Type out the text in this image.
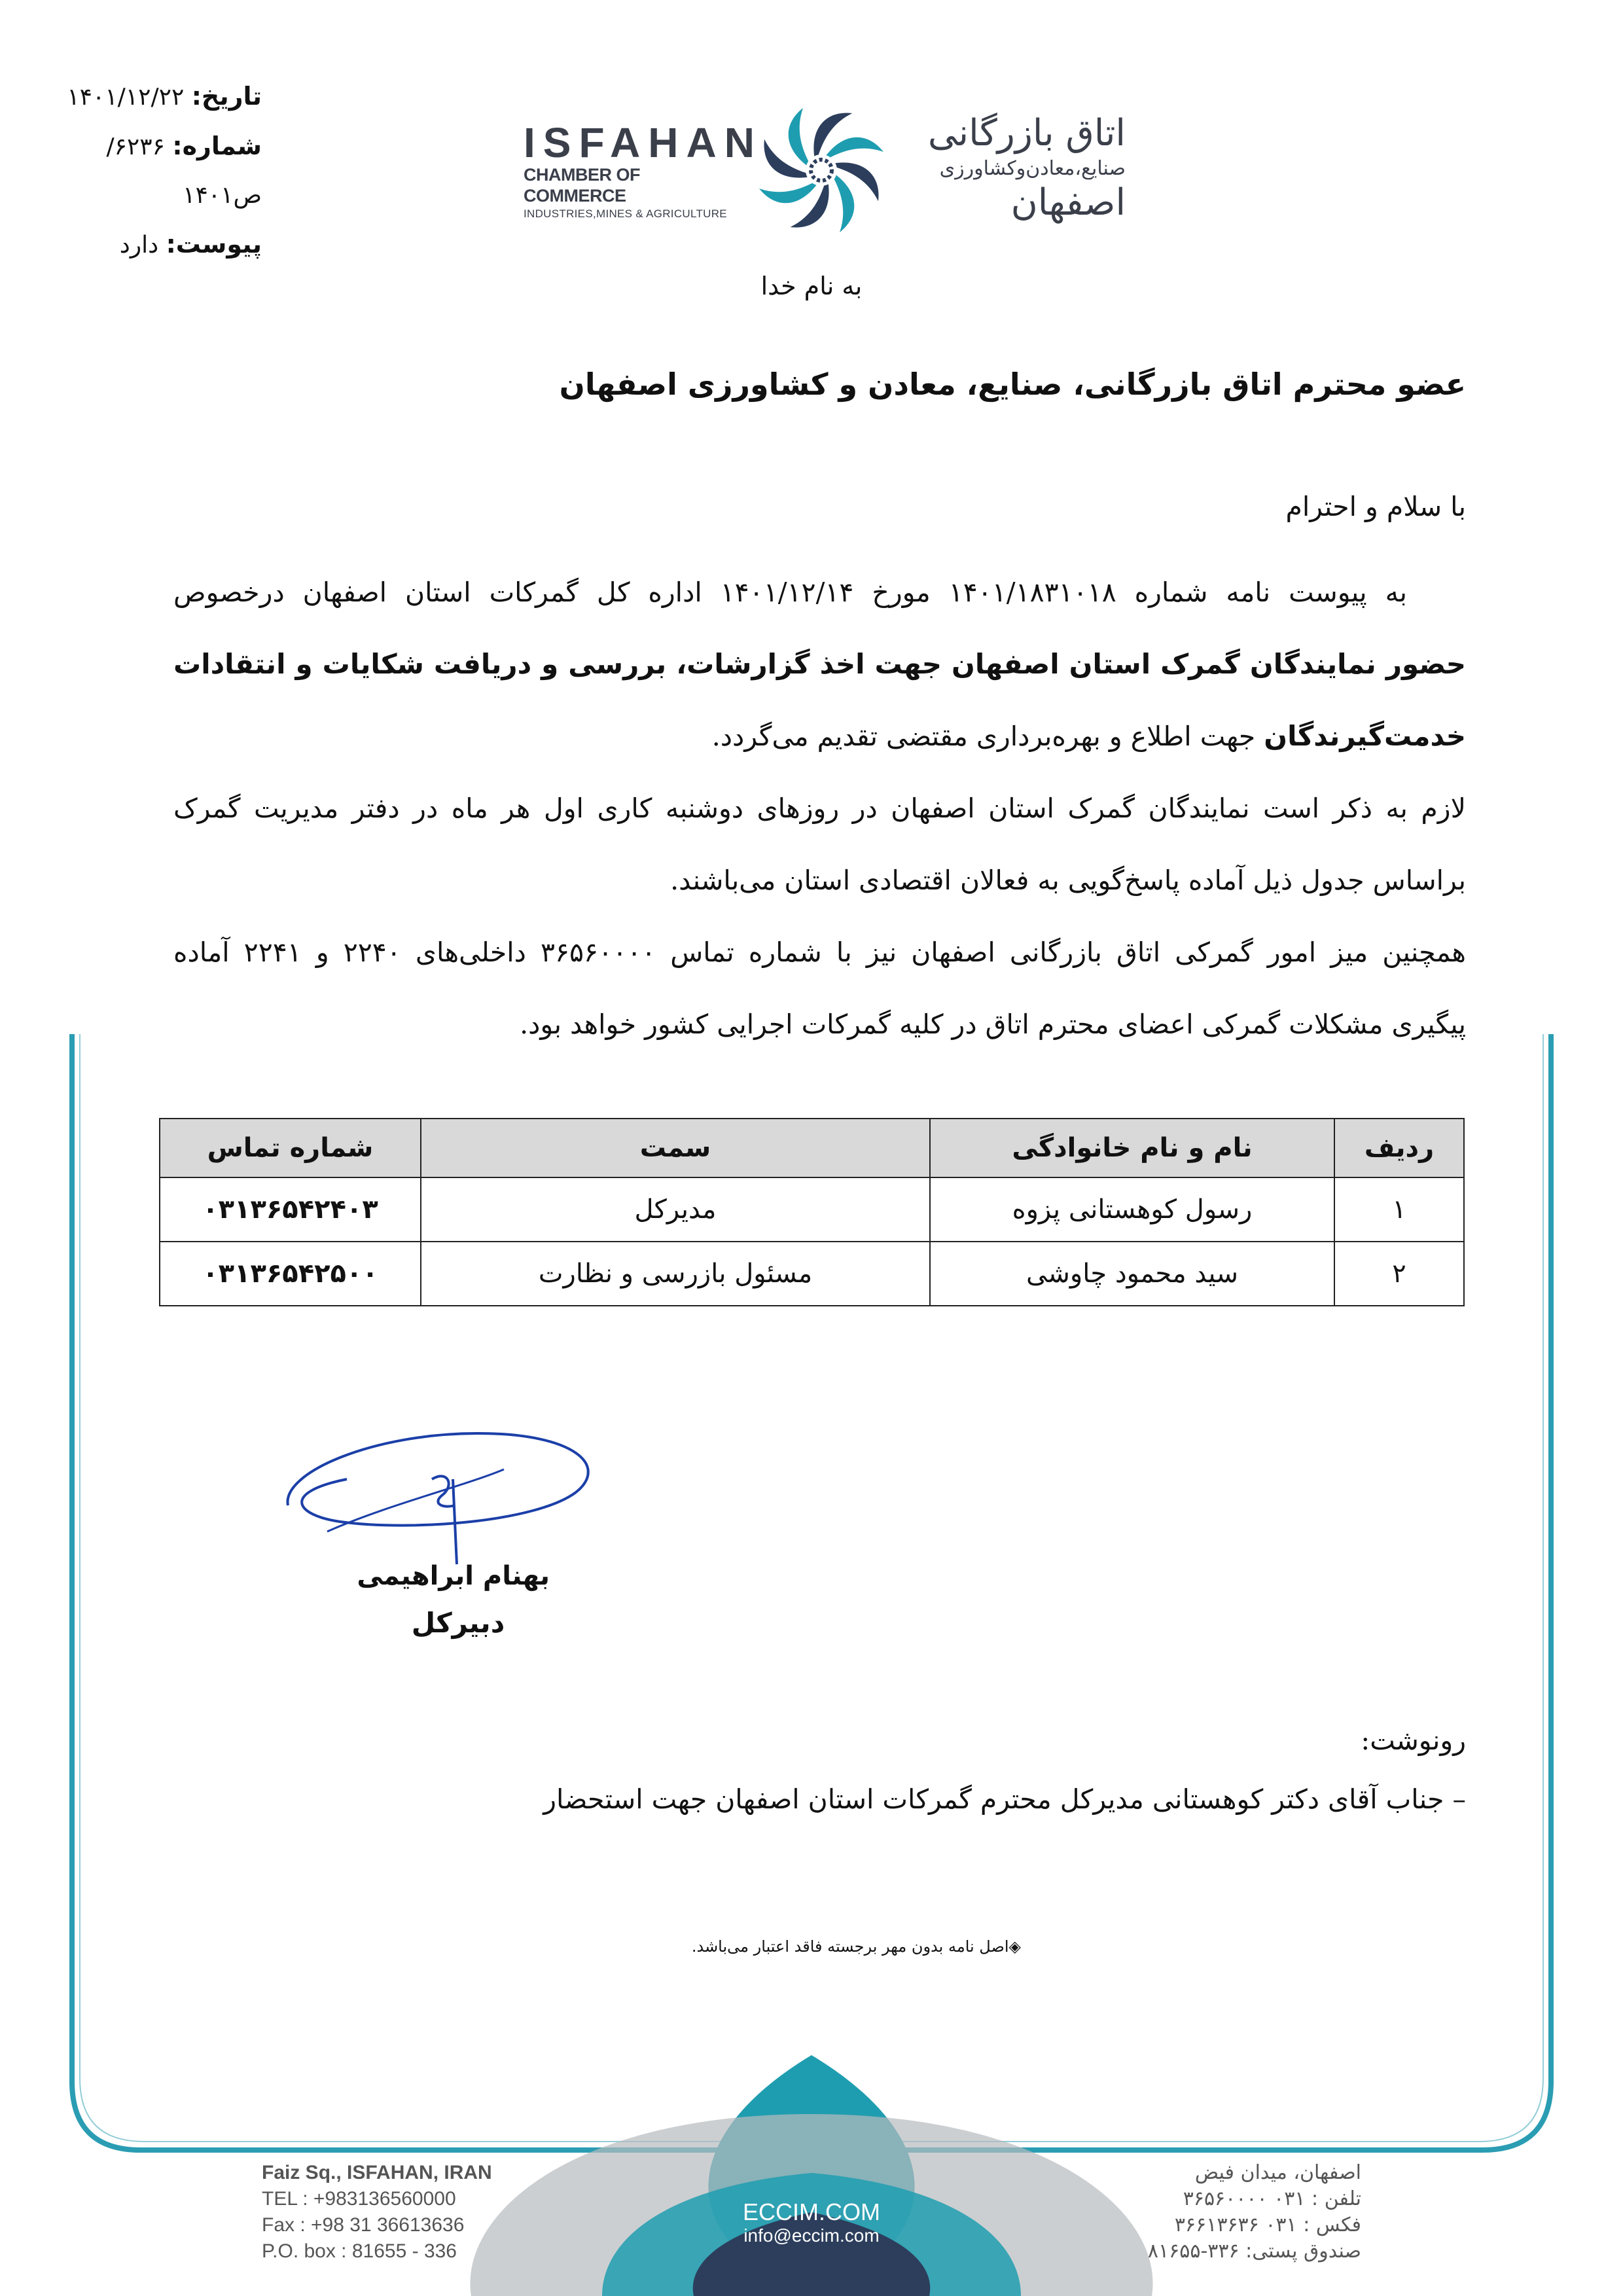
تاریخ: ۱۴۰۱/۱۲/۲۲
شماره: ۶۲۳۶/ص۱۴۰۱
پیوست: دارد
ISFAHAN
CHAMBER OF COMMERCE
INDUSTRIES,MINES & AGRICULTURE
اتاق بازرگانی
صنایع،معادن‌وکشاورزی
اصفهان
به نام خدا
عضو محترم اتاق بازرگانی، صنایع، معادن و کشاورزی اصفهان
با سلام و احترام
به پیوست نامه شماره ۱۴۰۱/۱۸۳۱۰۱۸ مورخ ۱۴۰۱/۱۲/۱۴ اداره کل گمرکات استان اصفهان درخصوص
حضور نمایندگان گمرک استان اصفهان جهت اخذ گزارشات، بررسی و دریافت شکایات و انتقادات
خدمت‌گیرندگان جهت اطلاع و بهره‌برداری مقتضی تقدیم می‌گردد.
لازم به ذکر است نمایندگان گمرک استان اصفهان در روزهای دوشنبه کاری اول هر ماه در دفتر مدیریت گمرک
براساس جدول ذیل آماده پاسخ‌گویی به فعالان اقتصادی استان می‌باشند.
همچنین میز امور گمرکی اتاق بازرگانی اصفهان نیز با شماره تماس ۳۶۵۶۰۰۰۰ داخلی‌های ۲۲۴۰ و ۲۲۴۱ آماده
پیگیری مشکلات گمرکی اعضای محترم اتاق در کلیه گمرکات اجرایی کشور خواهد بود.
ردیف	نام و نام خانوادگی	سمت	شماره تماس
۱	رسول کوهستانی پزوه	مدیرکل	۰۳۱۳۶۵۴۲۴۰۳
۲	سید محمود چاوشی	مسئول بازرسی و نظارت	۰۳۱۳۶۵۴۲۵۰۰
بهنام ابراهیمی
دبیرکل
رونوشت:
– جناب آقای دکتر کوهستانی مدیرکل محترم گمرکات استان اصفهان جهت استحضار
◈اصل نامه بدون مهر برجسته فاقد اعتبار می‌باشد.
ECCIM.COM
info@eccim.com
Faiz Sq., ISFAHAN, IRAN
TEL : +983136560000
Fax : +98 31 36613636
P.O. box : 81655 - 336
اصفهان، میدان فیض
تلفن : ۰۳۱ ۳۶۵۶۰۰۰۰
فکس : ۰۳۱ ۳۶۶۱۳۶۳۶
صندوق پستی: ۳۳۶-۸۱۶۵۵
